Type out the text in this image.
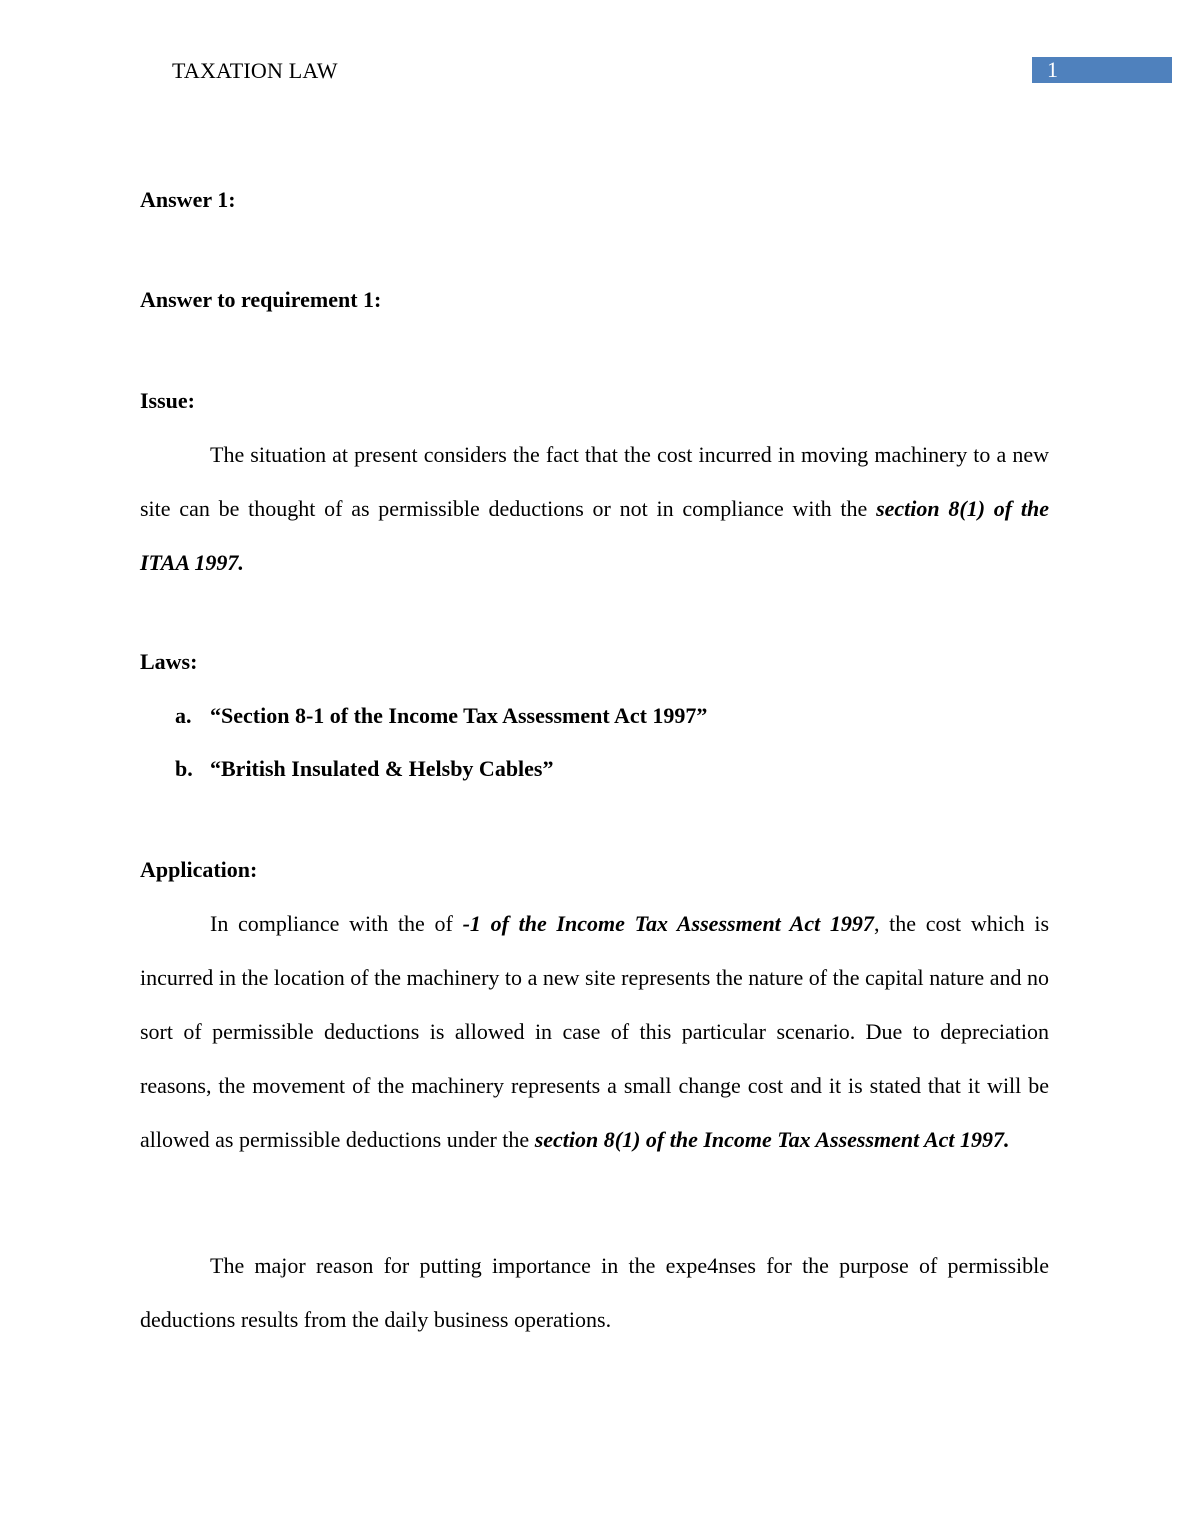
TAXATION LAW	1
Answer 1:
Answer to requirement 1:
Issue:

The situation at present considers the fact that the cost incurred in moving machinery to a new site can be thought of as permissible deductions or not in compliance with the section 8(1) of the ITAA 1997.

Laws:
a. “Section 8-1 of the Income Tax Assessment Act 1997”
b. “British Insulated & Helsby Cables”
Application:

In compliance with the of -1 of the Income Tax Assessment Act 1997, the cost which is incurred in the location of the machinery to a new site represents the nature of the capital nature and no sort of permissible deductions is allowed in case of this particular scenario. Due to depreciation reasons, the movement of the machinery represents a small change cost and it is stated that it will be allowed as permissible deductions under the section 8(1) of the Income Tax Assessment Act 1997.

The major reason for putting importance in the expe4nses for the purpose of permissible deductions results from the daily business operations.
